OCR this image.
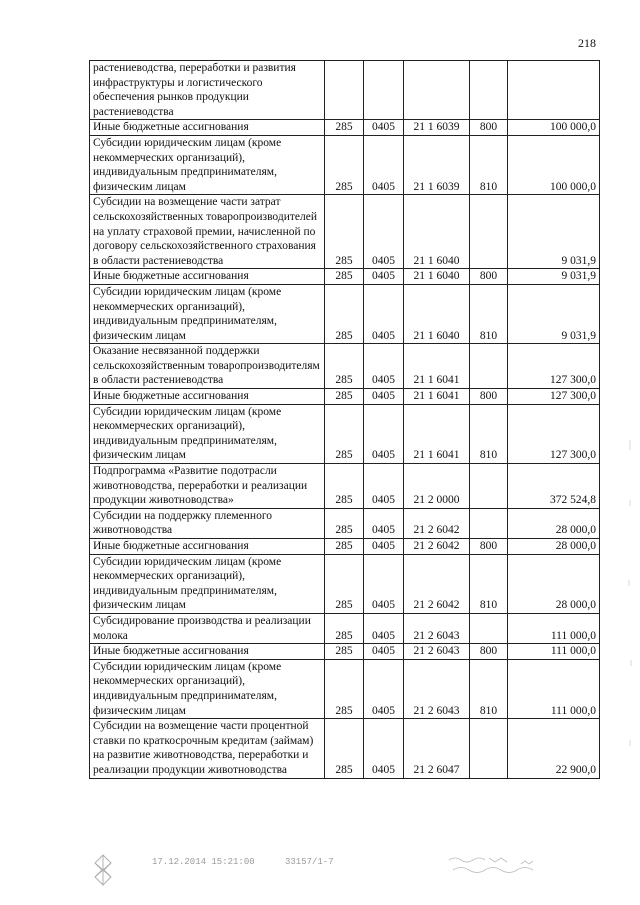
218
растениеводства, переработки и развития инфраструктуры и логистического обеспечения рынков продукции растениеводства					
Иные бюджетные ассигнования	285	0405	21 1 6039	800	100 000,0
Субсидии юридическим лицам (кроме некоммерческих организаций), индивидуальным предпринимателям, физическим лицам	285	0405	21 1 6039	810	100 000,0
Субсидии на возмещение части затрат сельскохозяйственных товаропроизводителей на уплату страховой премии, начисленной по договору сельскохозяйственного страхования в области растениеводства	285	0405	21 1 6040		9 031,9
Иные бюджетные ассигнования	285	0405	21 1 6040	800	9 031,9
Субсидии юридическим лицам (кроме некоммерческих организаций), индивидуальным предпринимателям, физическим лицам	285	0405	21 1 6040	810	9 031,9
Оказание несвязанной поддержки сельскохозяйственным товаропроизводителям в области растениеводства	285	0405	21 1 6041		127 300,0
Иные бюджетные ассигнования	285	0405	21 1 6041	800	127 300,0
Субсидии юридическим лицам (кроме некоммерческих организаций), индивидуальным предпринимателям, физическим лицам	285	0405	21 1 6041	810	127 300,0
Подпрограмма «Развитие подотрасли животноводства, переработки и реализации продукции животноводства»	285	0405	21 2 0000		372 524,8
Субсидии на поддержку племенного животноводства	285	0405	21 2 6042		28 000,0
Иные бюджетные ассигнования	285	0405	21 2 6042	800	28 000,0
Субсидии юридическим лицам (кроме некоммерческих организаций), индивидуальным предпринимателям, физическим лицам	285	0405	21 2 6042	810	28 000,0
Субсидирование производства и реализации молока	285	0405	21 2 6043		111 000,0
Иные бюджетные ассигнования	285	0405	21 2 6043	800	111 000,0
Субсидии юридическим лицам (кроме некоммерческих организаций), индивидуальным предпринимателям, физическим лицам	285	0405	21 2 6043	810	111 000,0
Субсидии на возмещение части процентной ставки по краткосрочным кредитам (займам) на развитие животноводства, переработки и реализации продукции животноводства	285	0405	21 2 6047		22 900,0
17.12.2014 15:21:00	33157/1-7
